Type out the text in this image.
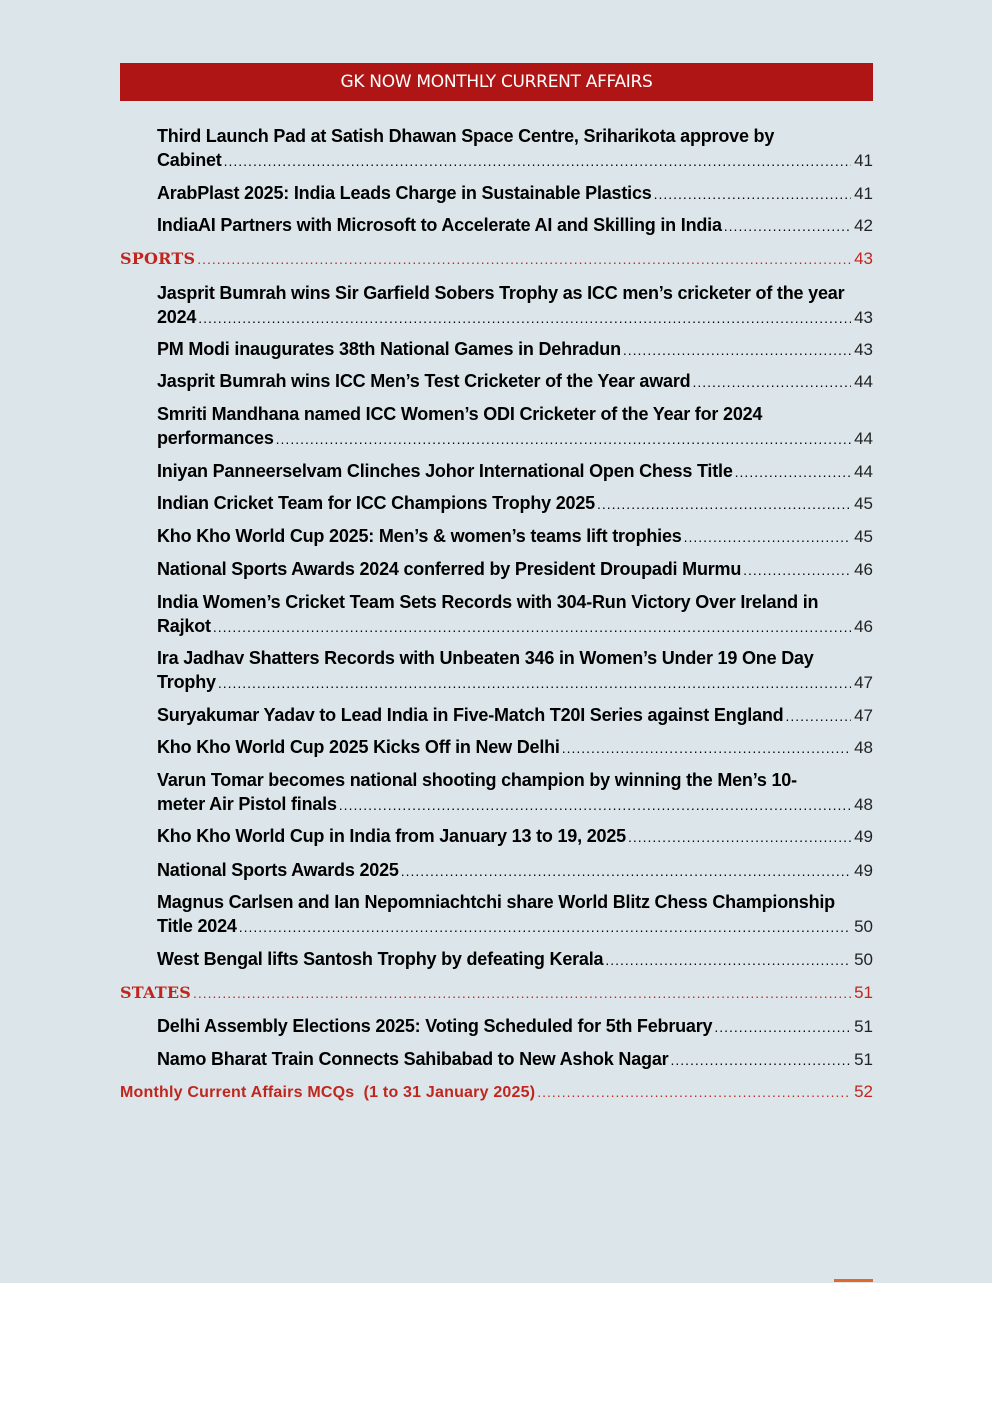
GK NOW MONTHLY CURRENT AFFAIRS
Third Launch Pad at Satish Dhawan Space Centre, Sriharikota approve by
Cabinet .....	41
ArabPlast 2025: India Leads Charge in Sustainable Plastics .....	41
IndiaAI Partners with Microsoft to Accelerate AI and Skilling in India .....	42
SPORTS .....	43
Jasprit Bumrah wins Sir Garfield Sobers Trophy as ICC men’s cricketer of the year
2024 .....	43
PM Modi inaugurates 38th National Games in Dehradun .....	43
Jasprit Bumrah wins ICC Men’s Test Cricketer of the Year award .....	44
Smriti Mandhana named ICC Women’s ODI Cricketer of the Year for 2024
performances .....	44
Iniyan Panneerselvam Clinches Johor International Open Chess Title .....	44
Indian Cricket Team for ICC Champions Trophy 2025 .....	45
Kho Kho World Cup 2025: Men’s & women’s teams lift trophies .....	45
National Sports Awards 2024 conferred by President Droupadi Murmu .....	46
India Women’s Cricket Team Sets Records with 304-Run Victory Over Ireland in
Rajkot .....	46
Ira Jadhav Shatters Records with Unbeaten 346 in Women’s Under 19 One Day
Trophy .....	47
Suryakumar Yadav to Lead India in Five-Match T20I Series against England .....	47
Kho Kho World Cup 2025 Kicks Off in New Delhi .....	48
Varun Tomar becomes national shooting champion by winning the Men’s 10-
meter Air Pistol finals .....	48
Kho Kho World Cup in India from January 13 to 19, 2025 .....	49
National Sports Awards 2025 .....	49
Magnus Carlsen and Ian Nepomniachtchi share World Blitz Chess Championship
Title 2024 .....	50
West Bengal lifts Santosh Trophy by defeating Kerala .....	50
STATES .....	51
Delhi Assembly Elections 2025: Voting Scheduled for 5th February .....	51
Namo Bharat Train Connects Sahibabad to New Ashok Nagar .....	51
Monthly Current Affairs MCQs  (1 to 31 January 2025) .....	52
